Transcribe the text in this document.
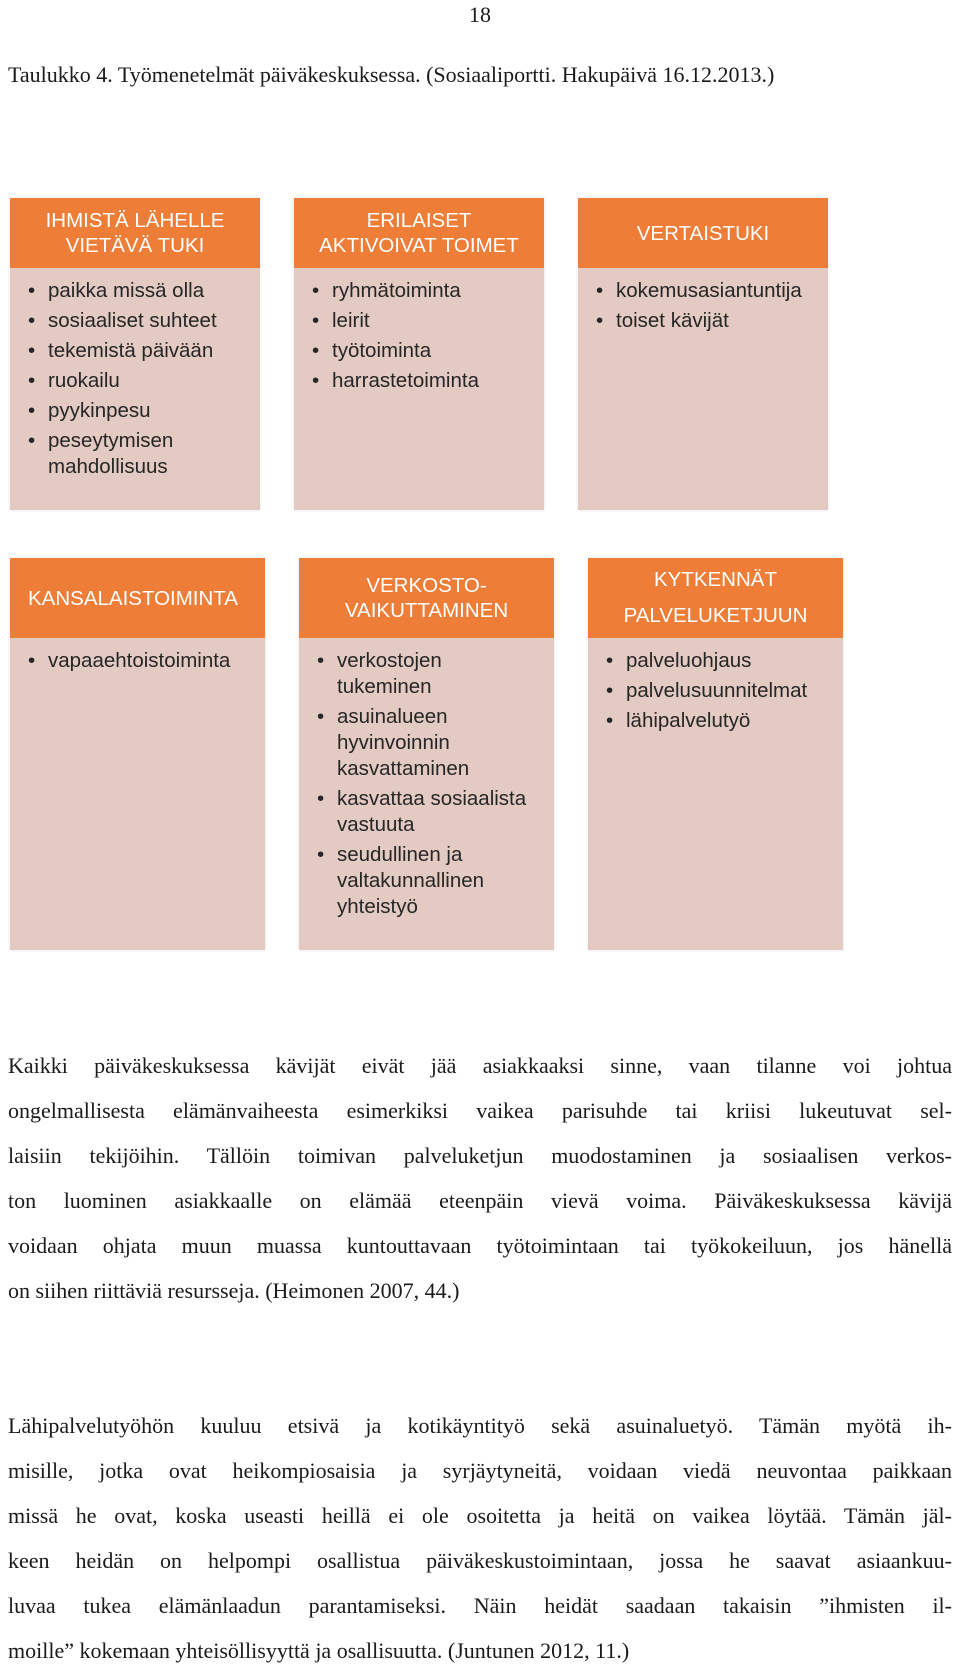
18
Taulukko 4. Työmenetelmät päiväkeskuksessa. (Sosiaaliportti. Hakupäivä 16.12.2013.)
IHMISTÄ LÄHELLE
VIETÄVÄ TUKI
• paikka missä olla
• sosiaaliset suhteet
• tekemistä päivään
• ruokailu
• pyykinpesu
• peseytymisen
mahdollisuus
ERILAISET
AKTIVOIVAT TOIMET
• ryhmätoiminta
• leirit
• työtoiminta
• harrastetoiminta
VERTAISTUKI
• kokemusasiantuntija
• toiset kävijät
KANSALAISTOIMINTA
• vapaaehtoistoiminta
VERKOSTO-
VAIKUTTAMINEN
• verkostojen
tukeminen
• asuinalueen
hyvinvoinnin
kasvattaminen
• kasvattaa sosiaalista
vastuuta
• seudullinen ja
valtakunnallinen
yhteistyö
KYTKENNÄT
PALVELUKETJUUN
• palveluohjaus
• palvelusuunnitelmat
• lähipalvelutyö
Kaikki päiväkeskuksessa kävijät eivät jää asiakkaaksi sinne, vaan tilanne voi johtua
ongelmallisesta elämänvaiheesta esimerkiksi vaikea parisuhde tai kriisi lukeutuvat sel-
laisiin tekijöihin. Tällöin toimivan palveluketjun muodostaminen ja sosiaalisen verkos-
ton luominen asiakkaalle on elämää eteenpäin vievä voima. Päiväkeskuksessa kävijä
voidaan ohjata muun muassa kuntouttavaan työtoimintaan tai työkokeiluun, jos hänellä
on siihen riittäviä resursseja. (Heimonen 2007, 44.)
Lähipalvelutyöhön kuuluu etsivä ja kotikäyntityö sekä asuinaluetyö. Tämän myötä ih-
misille, jotka ovat heikompiosaisia ja syrjäytyneitä, voidaan viedä neuvontaa paikkaan
missä he ovat, koska useasti heillä ei ole osoitetta ja heitä on vaikea löytää. Tämän jäl-
keen heidän on helpompi osallistua päiväkeskustoimintaan, jossa he saavat asiaankuu-
luvaa tukea elämänlaadun parantamiseksi. Näin heidät saadaan takaisin ”ihmisten il-
moille” kokemaan yhteisöllisyyttä ja osallisuutta. (Juntunen 2012, 11.)
